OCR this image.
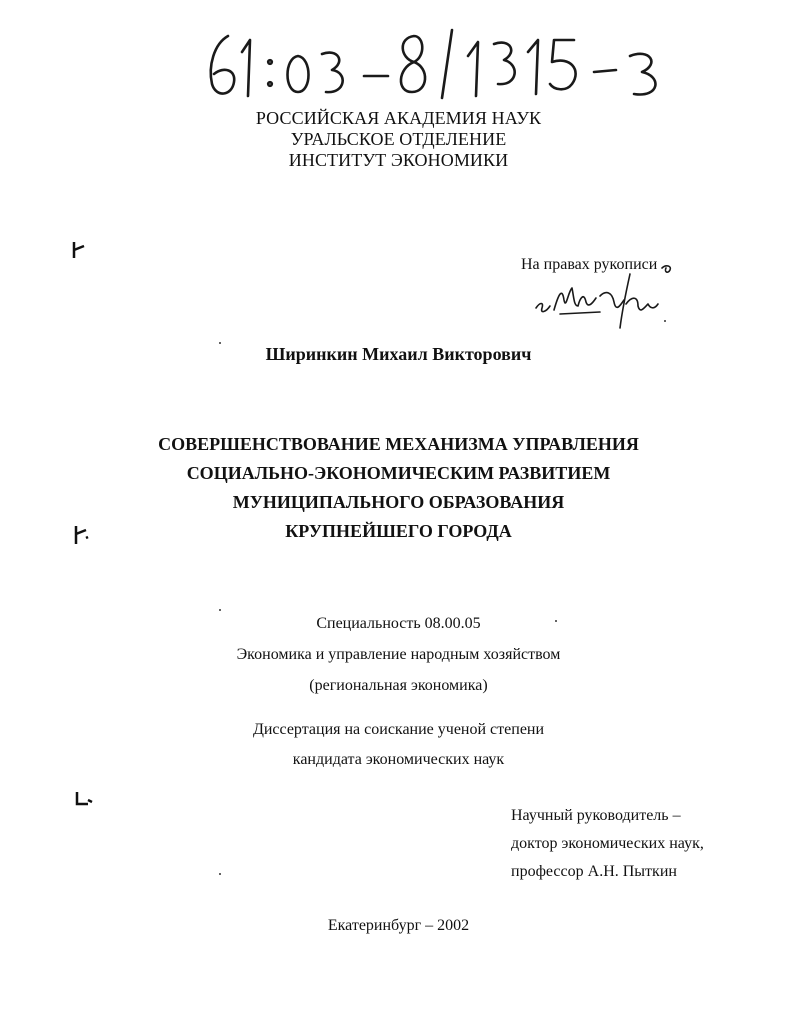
РОССИЙСКАЯ АКАДЕМИЯ НАУК
УРАЛЬСКОЕ ОТДЕЛЕНИЕ
ИНСТИТУТ ЭКОНОМИКИ
На правах рукописи
Ширинкин Михаил Викторович
СОВЕРШЕНСТВОВАНИЕ МЕХАНИЗМА УПРАВЛЕНИЯ
СОЦИАЛЬНО-ЭКОНОМИЧЕСКИМ РАЗВИТИЕМ
МУНИЦИПАЛЬНОГО ОБРАЗОВАНИЯ
КРУПНЕЙШЕГО ГОРОДА
Специальность 08.00.05
Экономика и управление народным хозяйством
(региональная экономика)
Диссертация на соискание ученой степени
кандидата экономических наук
Научный руководитель –
доктор экономических наук,
профессор А.Н. Пыткин
Екатеринбург – 2002
